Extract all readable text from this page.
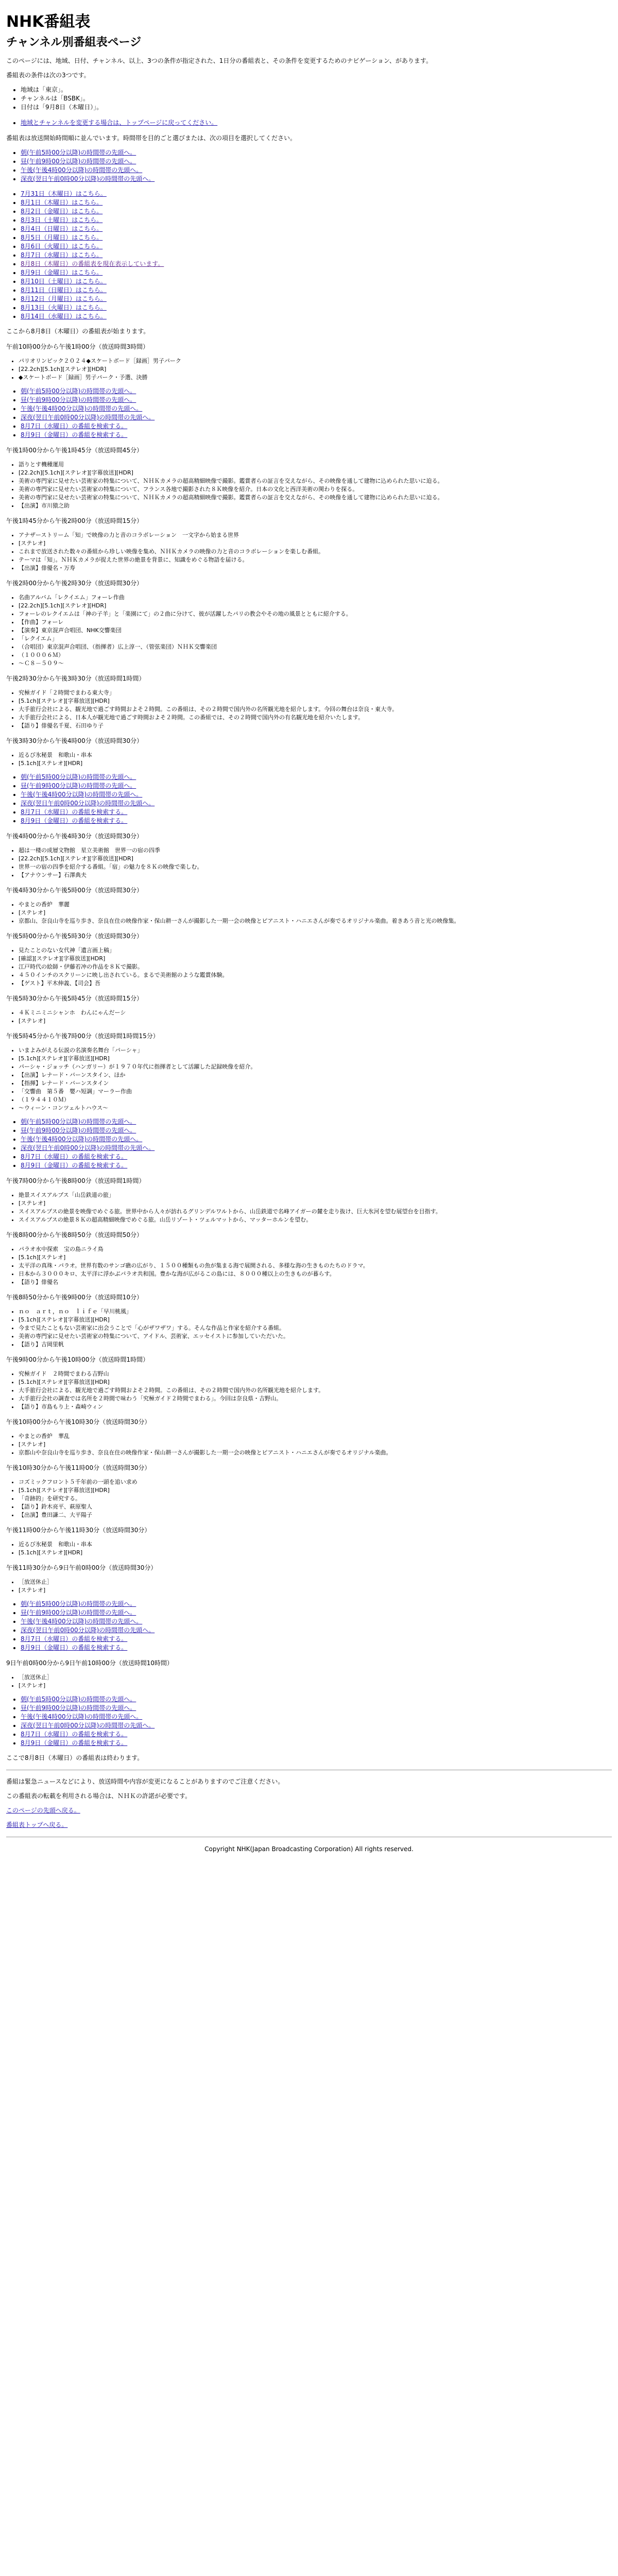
NHK番組表
チャンネル別番組表ページ

このページには、地域、日付、チャンネル、以上、3つの条件が指定された、1日分の番組表と、その条件を変更するためのナビゲーション、があります。

番組表の条件は次の3つです。

• 地域は「東京」。
• チャンネルは「BSBK」。
• 日付は「9月8日（木曜日）」。
• 地域とチャンネルを変更する場合は、トップページに戻ってください。

番組表は放送開始時間順に並んでいます。時間帯を目的ごと選びまたは、次の項目を選択してください。

• 朝(午前5時00分以降)の時間帯の先頭へ。
• 昼(午前9時00分以降)の時間帯の先頭へ。
• 午後(午後4時00分以降)の時間帯の先頭へ。
• 深夜(翌日午前0時00分以降)の時間帯の先頭へ。
• 7月31日（木曜日）はこちら。
• 8月1日（木曜日）はこちら。
• 8月2日（金曜日）はこちら。
• 8月3日（土曜日）はこちら。
• 8月4日（日曜日）はこちら。
• 8月5日（月曜日）はこちら。
• 8月6日（火曜日）はこちら。
• 8月7日（水曜日）はこちら。
• 8月8日（木曜日）の番組表を現在表示しています。
• 8月9日（金曜日）はこちら。
• 8月10日（土曜日）はこちら。
• 8月11日（日曜日）はこちら。
• 8月12日（月曜日）はこちら。
• 8月13日（火曜日）はこちら。
• 8月14日（水曜日）はこちら。

ここから8月8日（木曜日）の番組表が始まります。

午前10時00分から午後1時00分（放送時間3時間）
• パリオリンピック２０２４◆スケートボード［録画］男子パーク
• [22.2ch][5.1ch][ステレオ][HDR]
• ◆スケートボード［録画］男子パーク・予選、決勝
• 朝(午前5時00分以降)の時間帯の先頭へ。
• 昼(午前9時00分以降)の時間帯の先頭へ。
• 午後(午後4時00分以降)の時間帯の先頭へ。
• 深夜(翌日午前0時00分以降)の時間帯の先頭へ。
• 8月7日（水曜日）の番組を検索する。
• 8月9日（金曜日）の番組を検索する。
午後1時00分から午後1時45分（放送時間45分）
• 語りとす機種運用
• [22.2ch][5.1ch][ステレオ][字幕放送][HDR]
• 美術の専門家に見せたい芸術家の特集について、ＮＨＫカメラの超高精細映像で撮影。鑑賞者らの証言を交えながら、その映像を通して建物に込められた思いに迫る。
• 美術の専門家に見せたい芸術家の特集について、フランス各地で撮影された８Ｋ映像を紹介。日本の文化と西洋美術の関わりを探る。
• 美術の専門家に見せたい芸術家の特集について、ＮＨＫカメラの超高精細映像で撮影。鑑賞者らの証言を交えながら、その映像を通して建物に込められた思いに迫る。
• 【出演】市川猿之助
午後1時45分から午後2時00分（放送時間15分）
• アナザーストリーム「知」で映像の力と音のコラボレーション　一文字から始まる世界
• [ステレオ]
• これまで放送された数々の番組から珍しい映像を集め、ＮＨＫカメラの映像の力と音のコラボレーションを楽しむ番組。
• テーマは「知」。ＮＨＫカメラが捉えた世界の絶景を背景に、知識をめぐる物語を届ける。
• 【出演】俳優名・万寿
午後2時00分から午後2時30分（放送時間30分）
• 名曲アルバム「レクイエム」フォーレ作曲
• [22.2ch][5.1ch][ステレオ][HDR]
• フォーレのレクイエムは「神の子羊」と「楽園にて」の２曲に分けて、彼が活躍したパリの教会やその地の風景とともに紹介する。
• 【作曲】フォーレ
• 【演奏】東京混声合唱団、NHK交響楽団
• 「レクイエム」
• （合唱団）東京混声合唱団、（指揮者）広上淳一、（管弦楽団）ＮＨＫ交響楽団
• （１０００６Ｍ）
• ～Ｃ８－５０９～
午後2時30分から午後3時30分（放送時間1時間）
• 究極ガイド「２時間でまわる東大寺」
• [5.1ch][ステレオ][字幕放送][HDR]
• 大手旅行会社による、観光地で過ごす時間およそ２時間。この番組は、その２時間で国内外の名所観光地を紹介します。今回の舞台は奈良・東大寺。
• 大手旅行会社による、日本人が観光地で過ごす時間およそ２時間。この番組では、その２時間で国内外の有名観光地を紹介いたします。
• 【語り】俳優名千夏、石田ゆり子
午後3時30分から午後4時00分（放送時間30分）
• 近るび氷秘景　和歌山・串本
• [5.1ch][ステレオ][HDR]
• 朝(午前5時00分以降)の時間帯の先頭へ。
• 昼(午前9時00分以降)の時間帯の先頭へ。
• 午後(午後4時00分以降)の時間帯の先頭へ。
• 深夜(翌日午前0時00分以降)の時間帯の先頭へ。
• 8月7日（水曜日）の番組を検索する。
• 8月9日（金曜日）の番組を検索する。
午後4時00分から午後4時30分（放送時間30分）
• 超は一楼の成層文物館　星立美術館　世界一の宿の四季
• [22.2ch][5.1ch][ステレオ][字幕放送][HDR]
• 世界一の宿の四季を紹介する番組。「宿」の魅力を８Ｋの映像で楽しむ。
• 【アナウンサー】石澤典夫
午後4時30分から午後5時00分（放送時間30分）
• やまとの香炉　華麗
• [ステレオ]
• 京都山、奈良山寺を巡り歩き、奈良在住の映像作家・保山耕一さんが撮影した一期一会の映像とピアニスト・ハニエさんが奏でるオリジナル楽曲。着きあう音と光の映像集。
午後5時00分から午後5時30分（放送時間30分）
• 見たことのない女代神「遺言画上稿」
• [確認][ステレオ][字幕放送][HDR]
• 江戸時代の絵師・伊藤若冲の作品を８Ｋで撮影。
• ４５０インチのスクリーンに映し出されている。まるで美術館のような鑑賞体験。
• 【ゲスト】平木伸義、【司会】吾
午後5時30分から午後5時45分（放送時間15分）
• ４Ｋミニミニシャンホ　わんにゃんだーシ
• [ステレオ]
午後5時45分から午後7時00分（放送時間1時間15分）
• いまよみがえる伝説の名演奏名舞台「パーシャ」
• [5.1ch][ステレオ][字幕放送][HDR]
• パーシャ・ジョッチ（ハンガリー）が１９７０年代に指揮者として活躍した記録映像を紹介。
• 【出演】レナード・バーンスタイン、ほか
• 【指揮】レナード・バーンスタイン
• 「交響曲　第５番　嬰ハ短調」マーラー作曲
• （１９４４１０Ｍ）
• ～ウィーン・コンツェルトハウス～
• 朝(午前5時00分以降)の時間帯の先頭へ。
• 昼(午前9時00分以降)の時間帯の先頭へ。
• 午後(午後4時00分以降)の時間帯の先頭へ。
• 深夜(翌日午前0時00分以降)の時間帯の先頭へ。
• 8月7日（水曜日）の番組を検索する。
• 8月9日（金曜日）の番組を検索する。
午後7時00分から午後8時00分（放送時間1時間）
• 絶景スイスアルプス「山岳鉄道の旅」
• [ステレオ]
• スイスアルプスの絶景を映像でめぐる旅。世界中から人々が訪れるグリンデルワルトから、山岳鉄道で名峰アイガーの麓を走り抜け、巨大氷河を望む展望台を目指す。
• スイスアルプスの絶景８Ｋの超高精細映像でめぐる旅。山岳リゾート・ツェルマットから、マッターホルンを望む。
午後8時00分から午後8時50分（放送時間50分）
• パラオ水中探索　宝の島ニライ鳥
• [5.1ch][ステレオ]
• 太平洋の真珠・パラオ。世界有数のサンゴ礁の広がり、１５００種類もの魚が集まる海で展開される、多様な海の生きものたちのドラマ。
• 日本から３０００キロ、太平洋に浮かぶパラオ共和国。豊かな海が広がるこの島には、８０００種以上の生きものが暮らす。
• 【語り】俳優名
午後8時50分から午後9時00分（放送時間10分）
• ｎｏ　ａｒｔ，ｎｏ　ｌｉｆｅ「早川桃風」
• [5.1ch][ステレオ][字幕放送][HDR]
• 今まで見たこともない芸術家に出会うことで「心がザワザワ」する。そんな作品と作家を紹介する番組。
• 美術の専門家に見せたい芸術家の特集について、アイドル、芸術家、エッセイストに参加していただいた。
• 【語り】吉岡里帆
午後9時00分から午後10時00分（放送時間1時間）
• 究極ガイド　２時間でまわる吉野山
• [5.1ch][ステレオ][字幕放送][HDR]
• 大手旅行会社による、観光地で過ごす時間およそ２時間。この番組は、その２時間で国内外の名所観光地を紹介します。
• 大手旅行会社の調査では名所を２時間で味わう「究極ガイド２時間でまわる」。今回は奈良県・吉野山。
• 【語り】市島もり上・森崎ウィン
午後10時00分から午後10時30分（放送時間30分）
• やまとの香炉　華乱
• [ステレオ]
• 京都山や奈良山寺を巡り歩き、奈良在住の映像作家・保山耕一さんが撮影した一期一会の映像とピアニスト・ハニエさんが奏でるオリジナル楽曲。
午後10時30分から午後11時00分（放送時間30分）
• コズミックフロント５千年前の一頭を追い求め
• [5.1ch][ステレオ][字幕放送][HDR]
• 「奇跡的」を研究する。
• 【語り】鈴木亮平、萩原聖人
• 【出演】豊田謙二、大平陽子
午後11時00分から午後11時30分（放送時間30分）
• 近るび氷秘景　和歌山・串本
• [5.1ch][ステレオ][HDR]
午後11時30分から9日午前0時00分（放送時間30分）
• ［放送休止］
• [ステレオ]
• 朝(午前5時00分以降)の時間帯の先頭へ。
• 昼(午前9時00分以降)の時間帯の先頭へ。
• 午後(午後4時00分以降)の時間帯の先頭へ。
• 深夜(翌日午前0時00分以降)の時間帯の先頭へ。
• 8月7日（水曜日）の番組を検索する。
• 8月9日（金曜日）の番組を検索する。
9日午前0時00分から9日午前10時00分（放送時間10時間）
• ［放送休止］
• [ステレオ]
• 朝(午前5時00分以降)の時間帯の先頭へ。
• 昼(午前9時00分以降)の時間帯の先頭へ。
• 午後(午後4時00分以降)の時間帯の先頭へ。
• 深夜(翌日午前0時00分以降)の時間帯の先頭へ。
• 8月7日（水曜日）の番組を検索する。
• 8月9日（金曜日）の番組を検索する。

ここで8月8日（木曜日）の番組表は終わります。

番組は緊急ニュースなどにより、放送時間や内容が変更になることがありますのでご注意ください。

この番組表の転載を利用される場合は、ＮＨＫの許諾が必要です。

このページの先頭へ戻る。

番組表トップへ戻る。

Copyright NHK(Japan Broadcasting Corporation) All rights reserved.
